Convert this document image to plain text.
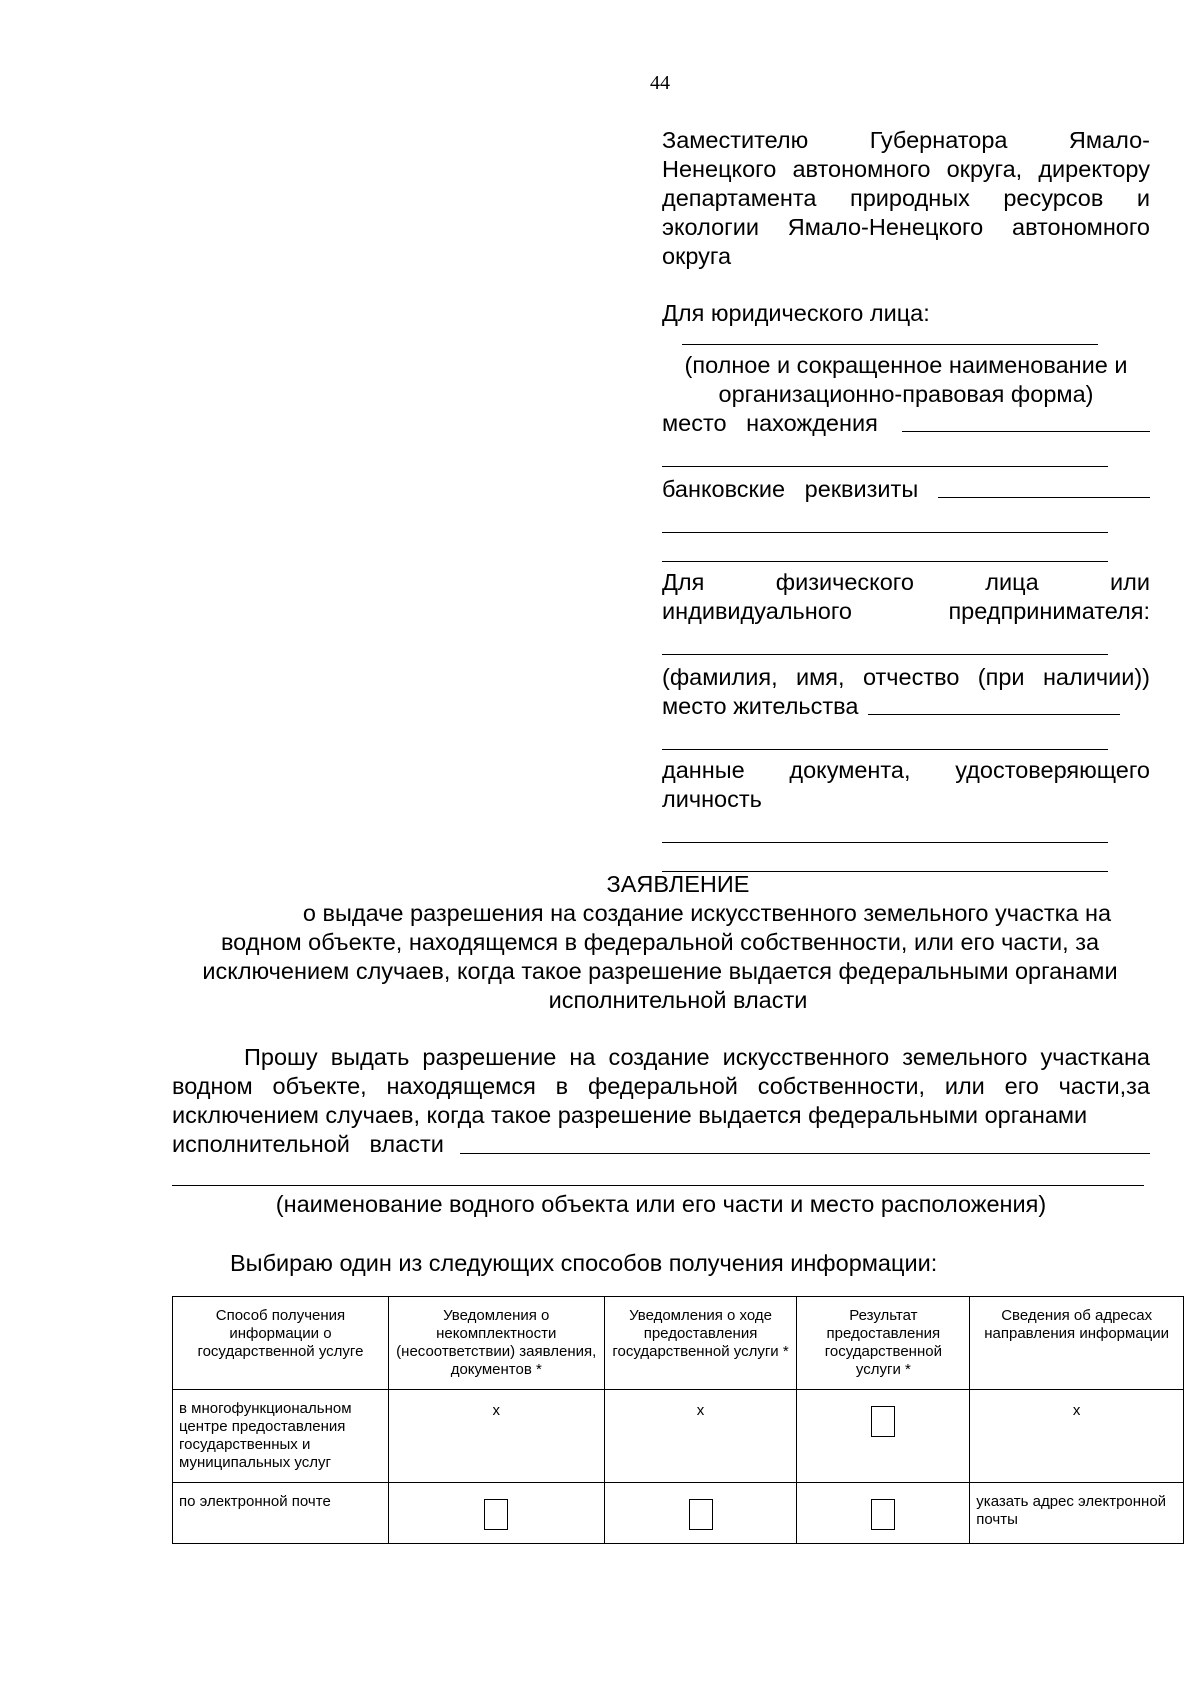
44
Заместителю Губернатора Ямало-
Ненецкого автономного округа, директору
департамента природных ресурсов и
экологии Ямало-Ненецкого автономного
округа
Для юридического лица:
(полное и сокращенное наименование и
организационно-правовая форма)
место   нахождения
банковские   реквизиты
Для физического лица или
индивидуального предпринимателя:
(фамилия, имя, отчество (при наличии))
место жительства
данные документа, удостоверяющего
личность
ЗАЯВЛЕНИЕ
о выдаче разрешения на создание искусственного земельного участка на
водном объекте, находящемся в федеральной собственности, или его части, за
исключением случаев, когда такое разрешение выдается федеральными органами
исполнительной власти
Прошу выдать разрешение на создание искусственного земельного участкана водном объекте, находящемся в федеральной собственности, или его части,за исключением случаев, когда такое разрешение выдается федеральными органами
исполнительной   власти
(наименование водного объекта или его части и место расположения)
Выбираю один из следующих способов получения информации:
Способ получения информации о государственной услуге	Уведомления о некомплектности (несоответствии) заявления, документов *	Уведомления о ходе предоставления государственной услуги *	Результат предоставления государственной услуги *	Сведения об адресах направления информации
в многофункциональном центре предоставления государственных и муниципальных услуг	х	х		х
по электронной почте				указать адрес электронной почты
